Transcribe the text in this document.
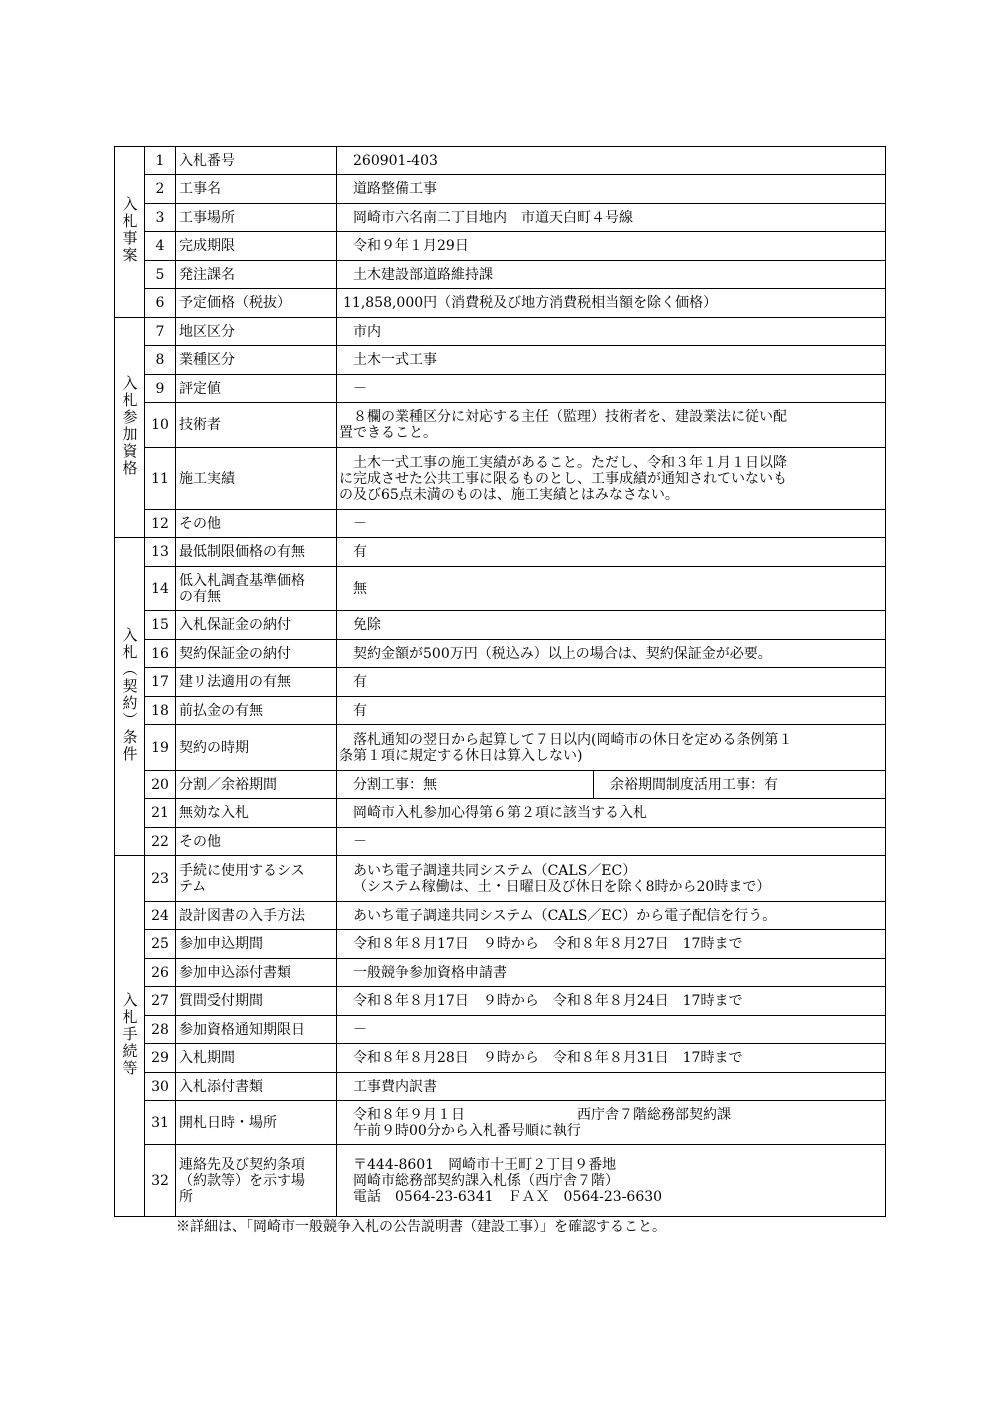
入札事案	1	入札番号	260901-403	
	2	工事名	道路整備工事	
	3	工事場所	岡崎市六名南二丁目地内　市道天白町４号線	
	4	完成期限	令和９年１月29日	
	5	発注課名	土木建設部道路維持課	
	6	予定価格（税抜）	11,858,000円（消費税及び地方消費税相当額を除く価格）	
入札参加資格	7	地区区分	市内	
	8	業種区分	土木一式工事	
	9	評定値	－	
	10	技術者	　８欄の業種区分に対応する主任（監理）技術者を、建設業法に従い配
置できること。	
	11	施工実績	　土木一式工事の施工実績があること。ただし、令和３年１月１日以降
に完成させた公共工事に限るものとし、工事成績が通知されていないも
の及び65点未満のものは、施工実績とはみなさない。	
	12	その他	－	
入札（契約）条件	13	最低制限価格の有無	有	
	14	低入札調査基準価格
の有無	無	
	15	入札保証金の納付	免除	
	16	契約保証金の納付	契約金額が500万円（税込み）以上の場合は、契約保証金が必要。	
	17	建リ法適用の有無	有	
	18	前払金の有無	有	
	19	契約の時期	　落札通知の翌日から起算して７日以内(岡崎市の休日を定める条例第１
条第１項に規定する休日は算入しない)	
	20	分割／余裕期間	分割工事：無	余裕期間制度活用工事：有
	21	無効な入札	岡崎市入札参加心得第６第２項に該当する入札	
	22	その他	－	
入札手続等	23	手続に使用するシス
テム	あいち電子調達共同システム（CALS／EC）
（システム稼働は、土・日曜日及び休日を除く8時から20時まで）	
	24	設計図書の入手方法	あいち電子調達共同システム（CALS／EC）から電子配信を行う。	
	25	参加申込期間	令和８年８月17日　９時から　令和８年８月27日　17時まで	
	26	参加申込添付書類	一般競争参加資格申請書	
	27	質問受付期間	令和８年８月17日　９時から　令和８年８月24日　17時まで	
	28	参加資格通知期限日	－	
	29	入札期間	令和８年８月28日　９時から　令和８年８月31日　17時まで	
	30	入札添付書類	工事費内訳書	
	31	開札日時・場所	令和８年９月１日　　　　　　　　西庁舎７階総務部契約課
午前９時00分から入札番号順に執行	
	32	連絡先及び契約条項
（約款等）を示す場
所	〒444-8601　岡崎市十王町２丁目９番地
岡崎市総務部契約課入札係（西庁舎７階）
電話　0564-23-6341　ＦＡＸ　0564-23-6630	
※詳細は、「岡崎市一般競争入札の公告説明書（建設工事）」を確認すること。
